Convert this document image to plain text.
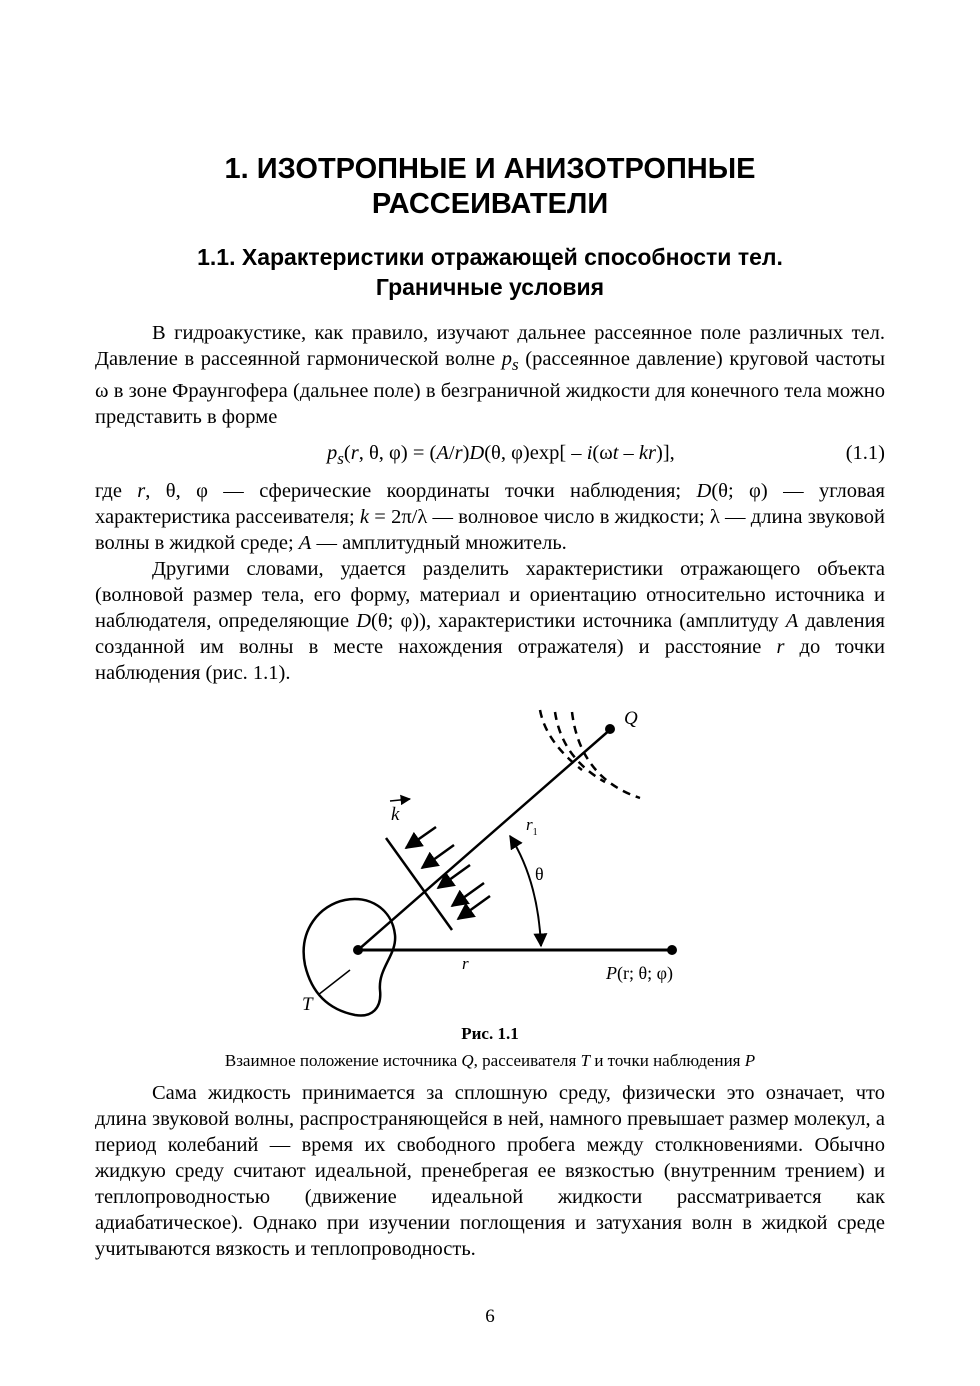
1. ИЗОТРОПНЫЕ И АНИЗОТРОПНЫЕ
РАССЕИВАТЕЛИ
1.1. Характеристики отражающей способности тел.
Граничные условия

В гидроакустике, как правило, изучают дальнее рассеянное поле различных тел. Давление в рассеянной гармонической волне $p_s$ (рассеянное давление) круговой частоты ω в зоне Фраунгофера (дальнее поле) в безграничной жидкости для конечного тела можно представить в форме

$p_s(r$, θ, φ) = (A/r)D(θ, φ)exp[ – i(ωt – kr)],	(1.1)

где r, θ, φ — сферические координаты точки наблюдения; D(θ; φ) — угловая характеристика рассеивателя; k = 2π/λ — волновое число в жидкости; λ — длина звуковой волны в жидкой среде; A — амплитудный множитель.

Другими словами, удается разделить характеристики отражающего объекта (волновой размер тела, его форму, материал и ориентацию относительно источника и наблюдателя, определяющие D(θ; φ)), характеристики источника (амплитуду A давления созданной им волны в месте нахождения отражателя) и расстояние r до точки наблюдения (рис. 1.1).

Q
k	$r_1$
θ
r	P(r; θ; φ)
T
Рис. 1.1
Взаимное положение источника Q, рассеивателя T и точки наблюдения P

Сама жидкость принимается за сплошную среду, физически это означает, что длина звуковой волны, распространяющейся в ней, намного превышает размер молекул, а период колебаний — время их свободного пробега между столкновениями. Обычно жидкую среду считают идеальной, пренебрегая ее вязкостью (внутренним трением) и теплопроводностью (движение идеальной жидкости рассматривается как адиабатическое). Однако при изучении поглощения и затухания волн в жидкой среде учитываются вязкость и теплопроводность.

6
